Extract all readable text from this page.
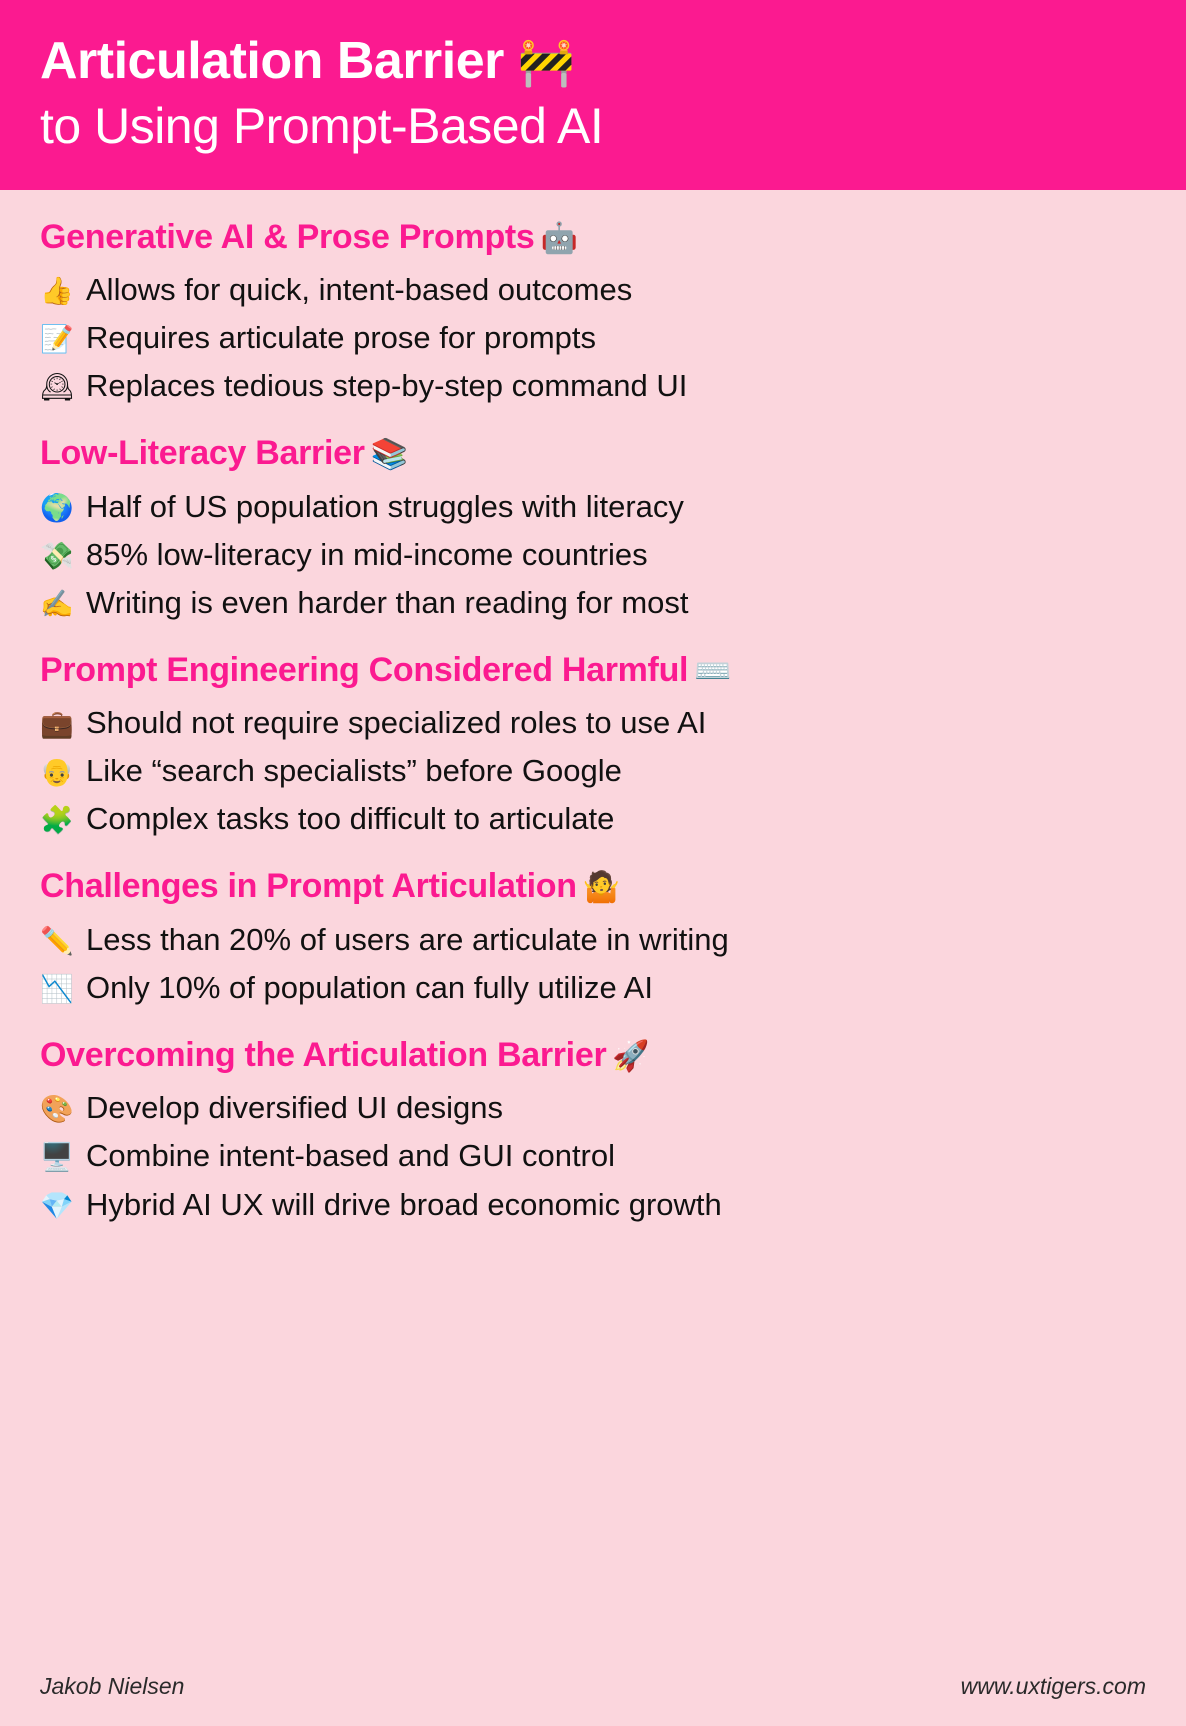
Articulation Barrier 🚧
to Using Prompt-Based AI
Generative AI & Prose Prompts 🤖
👍 Allows for quick, intent-based outcomes
📝 Requires articulate prose for prompts
🕰 Replaces tedious step-by-step command UI
Low-Literacy Barrier 📚
🌍 Half of US population struggles with literacy
💸 85% low-literacy in mid-income countries
✍️ Writing is even harder than reading for most
Prompt Engineering Considered Harmful ⌨️
💼 Should not require specialized roles to use AI
👴 Like “search specialists” before Google
🧩 Complex tasks too difficult to articulate
Challenges in Prompt Articulation 🤷
✏️ Less than 20% of users are articulate in writing
📉 Only 10% of population can fully utilize AI
Overcoming the Articulation Barrier 🚀
🎨 Develop diversified UI designs
🖥️ Combine intent-based and GUI control
💎 Hybrid AI UX will drive broad economic growth
Jakob Nielsen	www.uxtigers.com
